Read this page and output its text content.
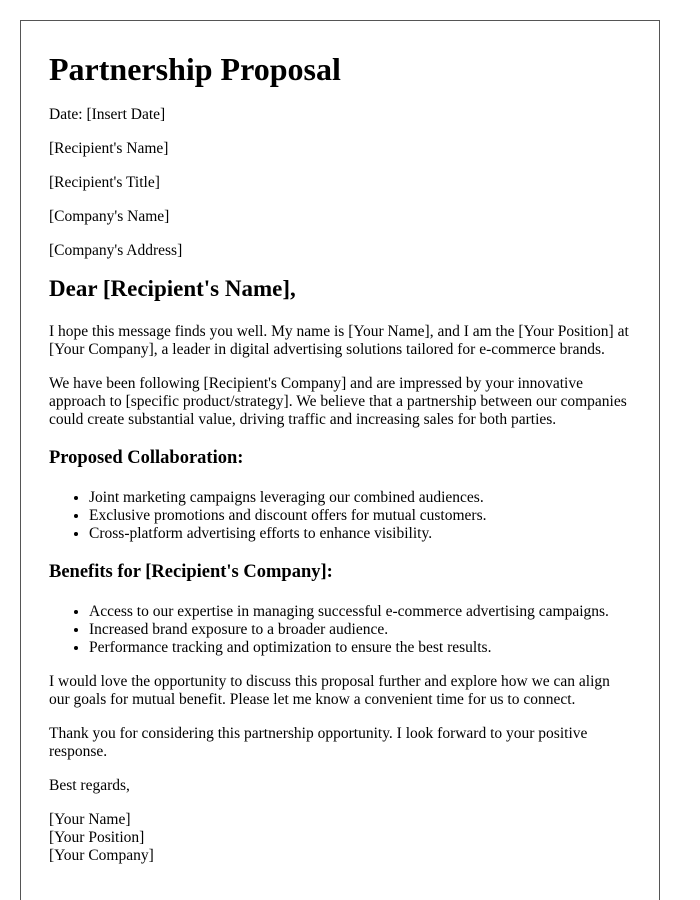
Partnership Proposal

Date: [Insert Date]

[Recipient's Name]

[Recipient's Title]

[Company's Name]

[Company's Address]

Dear [Recipient's Name],

I hope this message finds you well. My name is [Your Name], and I am the [Your Position] at [Your Company], a leader in digital advertising solutions tailored for e-commerce brands.

We have been following [Recipient's Company] and are impressed by your innovative approach to [specific product/strategy]. We believe that a partnership between our companies could create substantial value, driving traffic and increasing sales for both parties.

Proposed Collaboration:
• Joint marketing campaigns leveraging our combined audiences.
• Exclusive promotions and discount offers for mutual customers.
• Cross-platform advertising efforts to enhance visibility.
Benefits for [Recipient's Company]:
• Access to our expertise in managing successful e-commerce advertising campaigns.
• Increased brand exposure to a broader audience.
• Performance tracking and optimization to ensure the best results.

I would love the opportunity to discuss this proposal further and explore how we can align our goals for mutual benefit. Please let me know a convenient time for us to connect.

Thank you for considering this partnership opportunity. I look forward to your positive response.

Best regards,

[Your Name]
[Your Position]
[Your Company]
